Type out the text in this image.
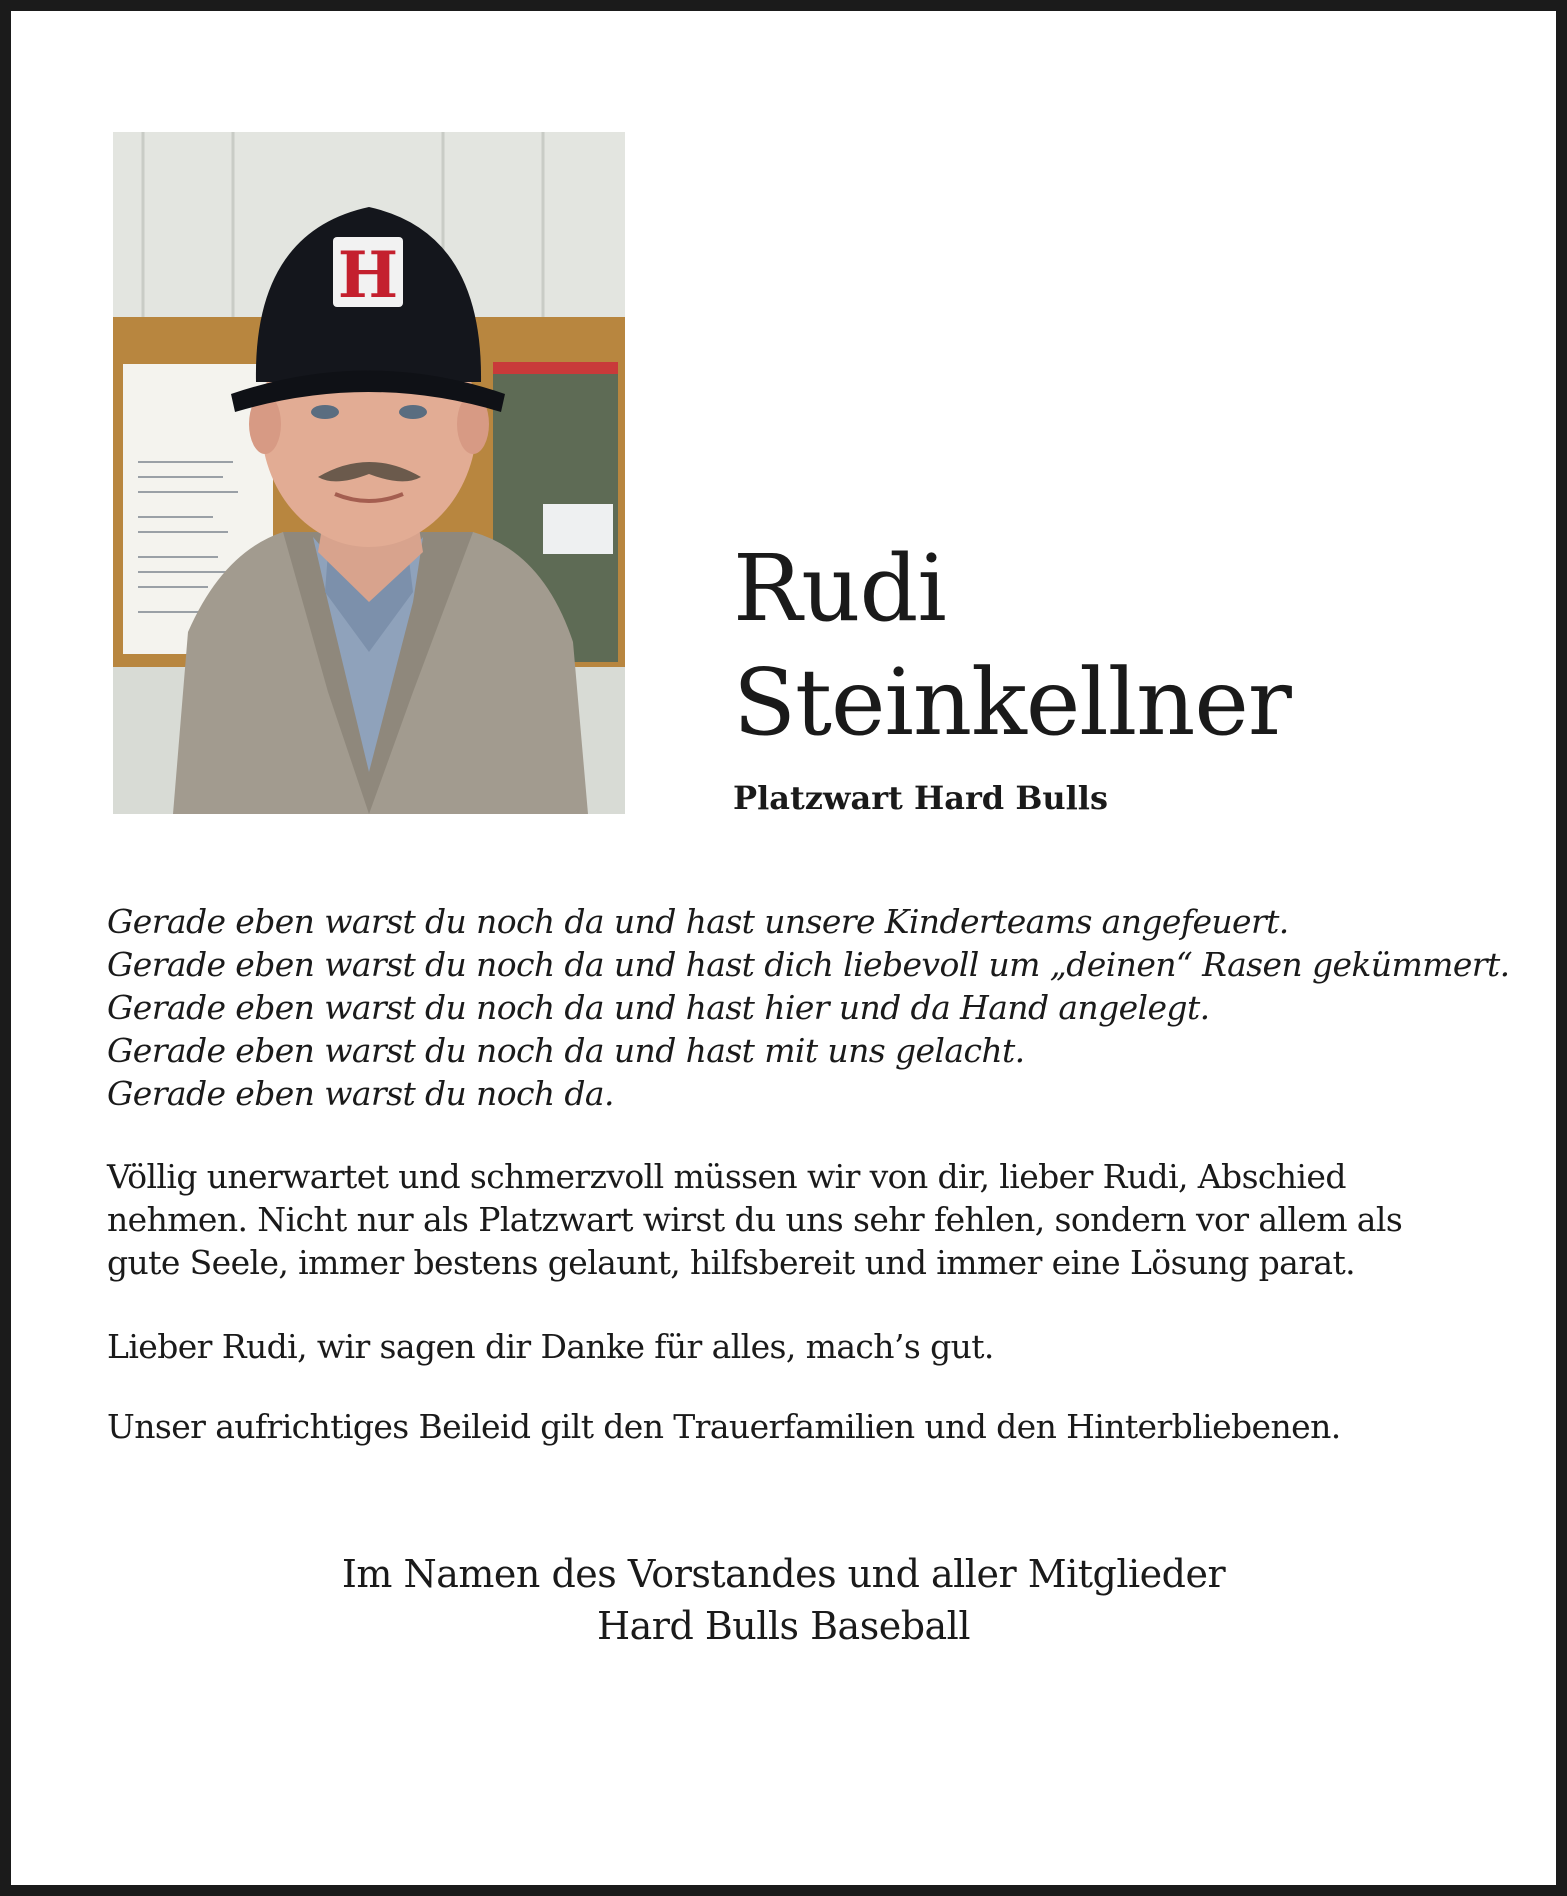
H
Rudi
Steinkellner
Platzwart Hard Bulls
Gerade eben warst du noch da und hast unsere Kinderteams angefeuert.
Gerade eben warst du noch da und hast dich liebevoll um „deinen“ Rasen gekümmert.
Gerade eben warst du noch da und hast hier und da Hand angelegt.
Gerade eben warst du noch da und hast mit uns gelacht.
Gerade eben warst du noch da.
Völlig unerwartet und schmerzvoll müssen wir von dir, lieber Rudi, Abschied
nehmen. Nicht nur als Platzwart wirst du uns sehr fehlen, sondern vor allem als
gute Seele, immer bestens gelaunt, hilfsbereit und immer eine Lösung parat.
Lieber Rudi, wir sagen dir Danke für alles, mach’s gut.
Unser aufrichtiges Beileid gilt den Trauerfamilien und den Hinterbliebenen.
Im Namen des Vorstandes und aller Mitglieder
Hard Bulls Baseball
